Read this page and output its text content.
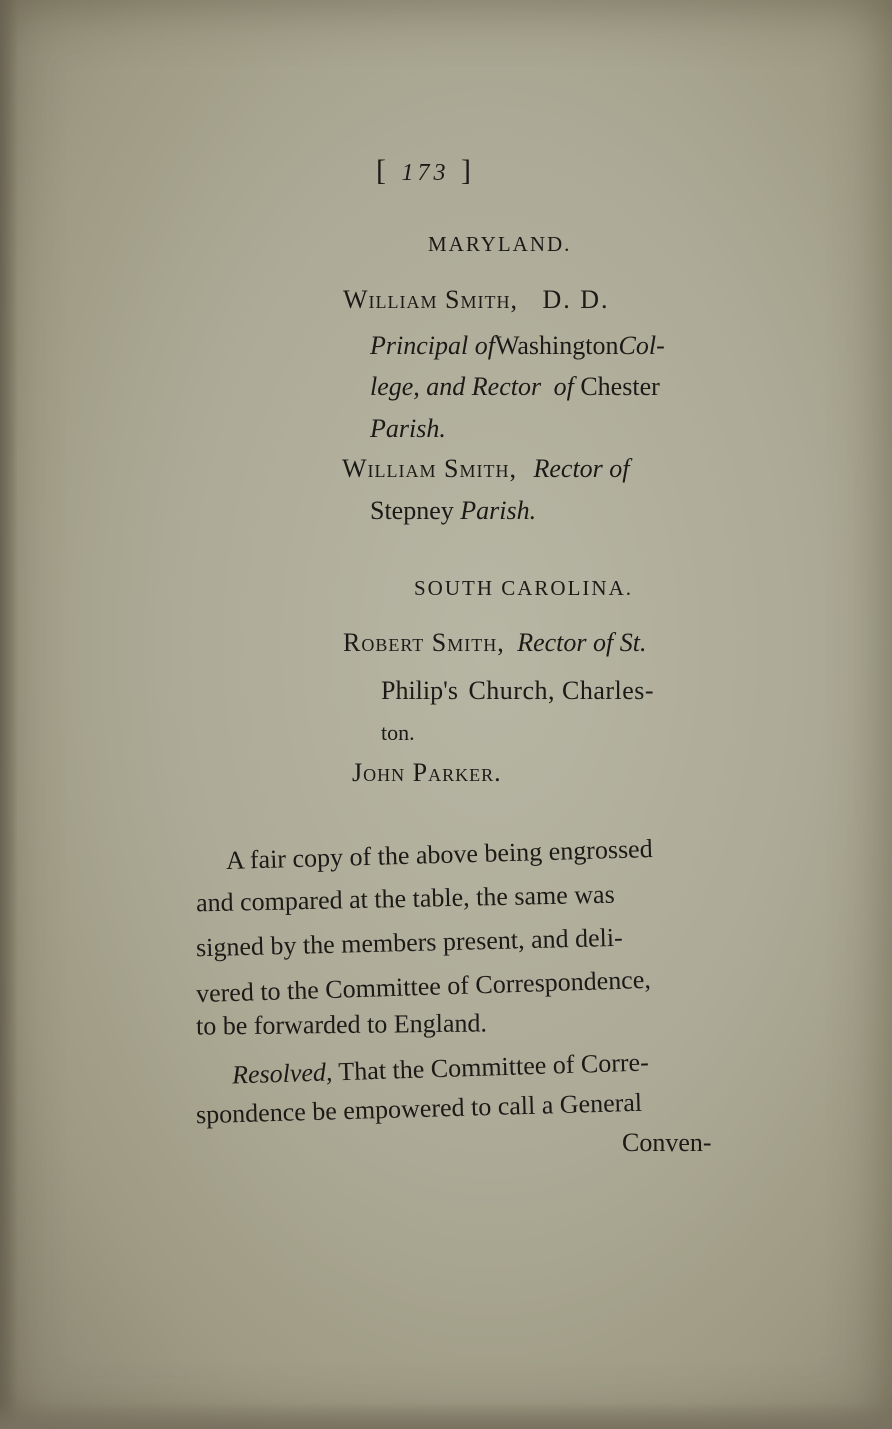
[ 173 ]
MARYLAND.
William Smith, D. D.
Principal ofWashingtonCol-
lege, and Rector of Chester
Parish.
William Smith, Rector of
Stepney Parish.
SOUTH CAROLINA.
Robert Smith, Rector of St.
Philip's Church, Charles-
ton.
John Parker.
A fair copy of the above being engrossed
and compared at the table, the same was
signed by the members present, and deli-
vered to the Committee of Correspondence,
to be forwarded to England.
Resolved, That the Committee of Corre-
spondence be empowered to call a General
Conven-
